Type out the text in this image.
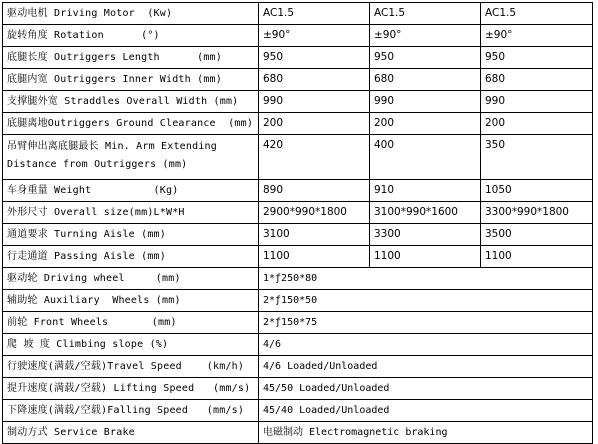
驱动电机 Driving Motor  (Kw)	AC1.5	AC1.5	AC1.5
旋转角度 Rotation      (°)	±90°	±90°	±90°
底腿长度 Outriggers Length      (mm)	950	950	950
底腿内宽 Outriggers Inner Width (mm)	680	680	680
支撑腿外宽 Straddles Overall Width (mm)	990	990	990
底腿离地Outriggers Ground Clearance  (mm)	200	200	200
吊臂伸出离底腿最长 Min. Arm Extending
Distance from Outriggers (mm)	420	400	350
车身重量 Weight          (Kg)	890	910	1050
外形尺寸 Overall size(mm)L*W*H	2900*990*1800	3100*990*1600	3300*990*1800
通道要求 Turning Aisle (mm)	3100	3300	3500
行走通道 Passing Aisle (mm)	1100	1100	1100
驱动轮 Driving wheel     (mm)	1*ƒ250*80		
辅助轮 Auxiliary  Wheels (mm)	2*ƒ150*50		
前轮 Front Wheels       (mm)	2*ƒ150*75		
爬 坡 度 Climbing slope (%)	4/6		
行驶速度(满载/空载)Travel Speed    (km/h)	4/6 Loaded/Unloaded		
提升速度(满载/空载) Lifting Speed   (mm/s)	45/50 Loaded/Unloaded		
下降速度(满载/空载)Falling Speed   (mm/s)	45/40 Loaded/Unloaded		
制动方式 Service Brake	电磁制动 Electromagnetic braking		
